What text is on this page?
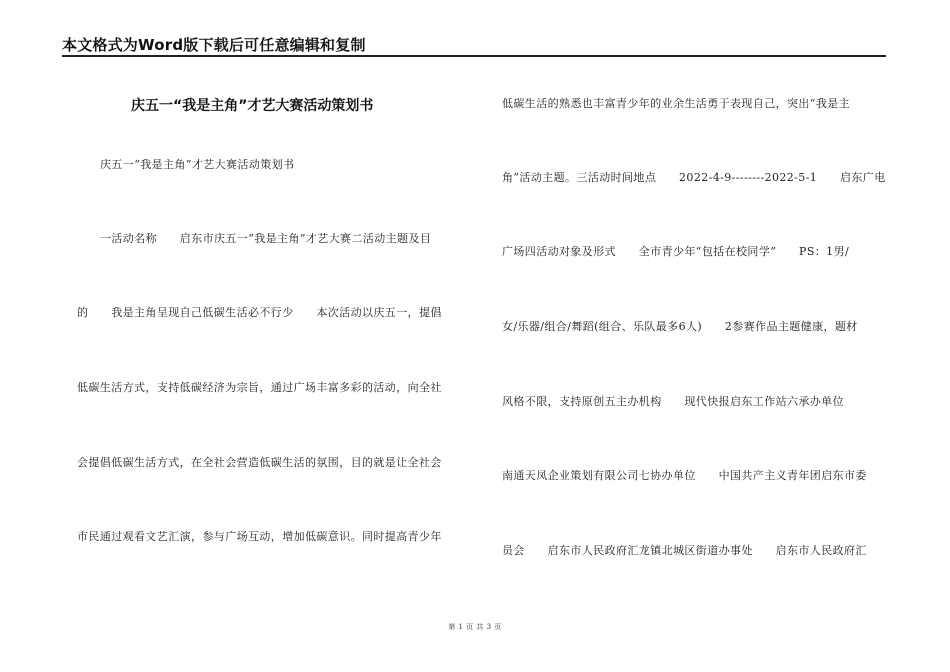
本文格式为Word版下载后可任意编辑和复制
庆五一“我是主角”才艺大赛活动策划书
庆五一“我是主角”才艺大赛活动策划书
一活动名称　　启东市庆五一“我是主角”才艺大赛二活动主题及目
的　　我是主角呈现自己低碳生活必不行少　　本次活动以庆五一，提倡
低碳生活方式，支持低碳经济为宗旨，通过广场丰富多彩的活动，向全社
会提倡低碳生活方式，在全社会营造低碳生活的氛围，目的就是让全社会
市民通过观看文艺汇演，参与广场互动，增加低碳意识。同时提高青少年
低碳生活的熟悉也丰富青少年的业余生活勇于表现自己，突出“我是主
角”活动主题。三活动时间地点　　2022-4-9--------2022-5-1　　启东广电
广场四活动对象及形式　　全市青少年“包括在校同学”　　PS：1男/
女/乐器/组合/舞蹈(组合、乐队最多6人)　　2参赛作品主题健康，题材
风格不限，支持原创五主办机构　　现代快报启东工作站六承办单位
南通天凤企业策划有限公司七协办单位　　中国共产主义青年团启东市委
员会　　启东市人民政府汇龙镇北城区街道办事处　　启东市人民政府汇
第 1 页 共 3 页
